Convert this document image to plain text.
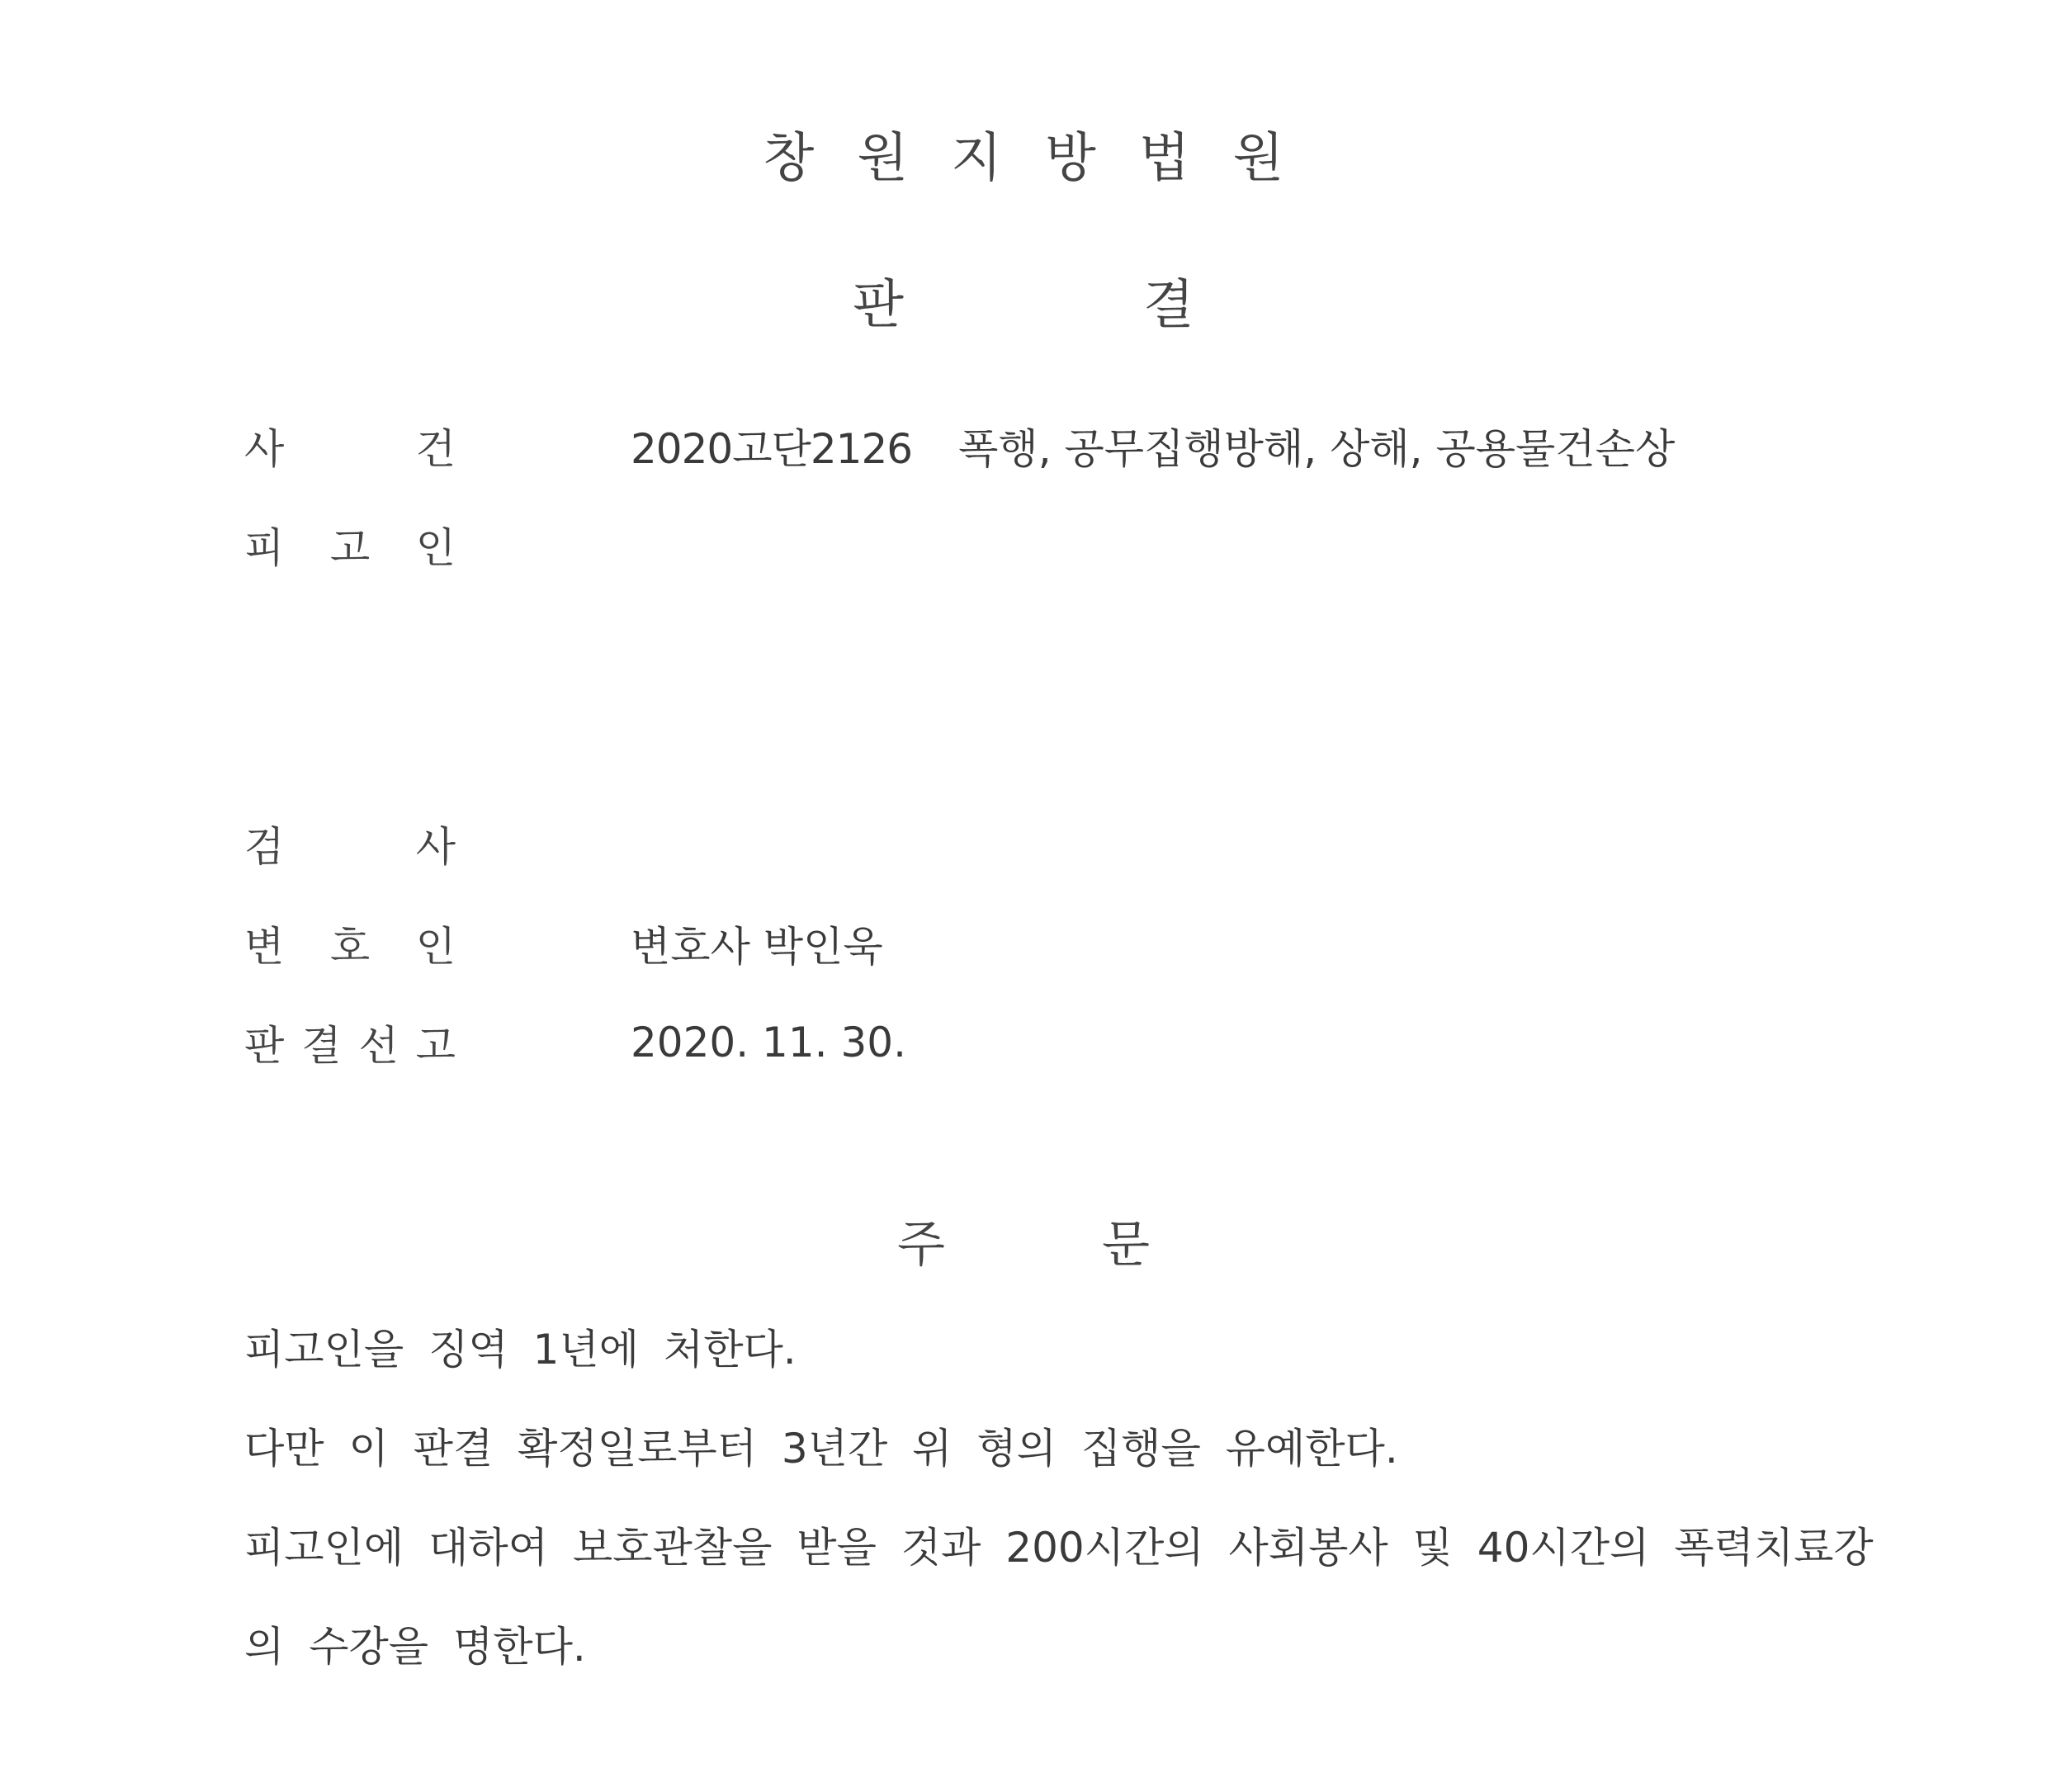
창원지방법원
판결
사	건	2020고단2126 폭행, 공무집행방해, 상해, 공용물건손상
피 고 인
검	사
변 호 인	변호사 박인욱
판 결 선 고	2020. 11. 30.
주문
피고인을 징역 1년에 처한다.
다만 이 판결 확정일로부터 3년간 위 형의 집행을 유예한다.
피고인에 대하여 보호관찰을 받을 것과 200시간의 사회봉사 및 40시간의 폭력치료강
의 수강을 명한다.
